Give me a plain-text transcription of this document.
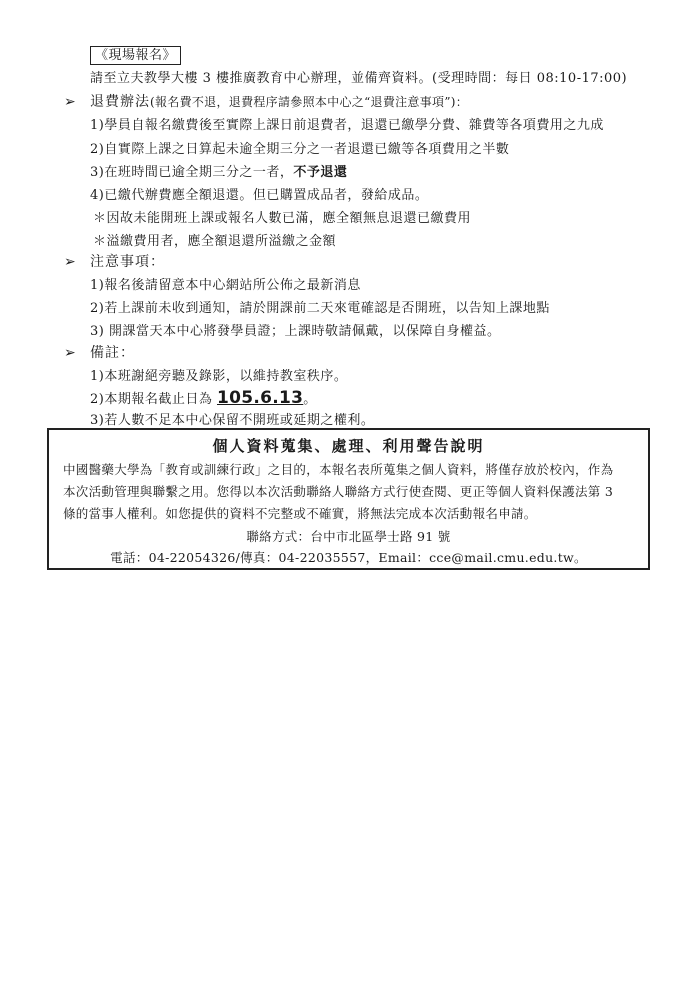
《現場報名》
請至立夫教學大樓 3 樓推廣教育中心辦理，並備齊資料。(受理時間：每日 08:10-17:00)
➢	退費辦法(報名費不退，退費程序請參照本中心之“退費注意事項”)：
1)學員自報名繳費後至實際上課日前退費者，退還已繳學分費、雜費等各項費用之九成
2)自實際上課之日算起未逾全期三分之一者退還已繳等各項費用之半數
3)在班時間已逾全期三分之一者，不予退還
4)已繳代辦費應全額退還。但已購置成品者，發給成品。
＊因故未能開班上課或報名人數已滿，應全額無息退還已繳費用
＊溢繳費用者，應全額退還所溢繳之金額
➢	注意事項：
1)報名後請留意本中心網站所公佈之最新消息
2)若上課前未收到通知，請於開課前二天來電確認是否開班，以告知上課地點
3) 開課當天本中心將發學員證；上課時敬請佩戴，以保障自身權益。
➢	備註：
1)本班謝絕旁聽及錄影，以維持教室秩序。
2)本期報名截止日為 105.6.13。
3)若人數不足本中心保留不開班或延期之權利。
個人資料蒐集、處理、利用聲告說明
中國醫藥大學為「教育或訓練行政」之目的，本報名表所蒐集之個人資料，將僅存放於校內，作為
本次活動管理與聯繫之用。您得以本次活動聯絡人聯絡方式行使查閱、更正等個人資料保護法第 3
條的當事人權利。如您提供的資料不完整或不確實，將無法完成本次活動報名申請。
聯絡方式：台中市北區學士路 91 號
電話：04-22054326/傳真：04-22035557，Email：cce@mail.cmu.edu.tw。
